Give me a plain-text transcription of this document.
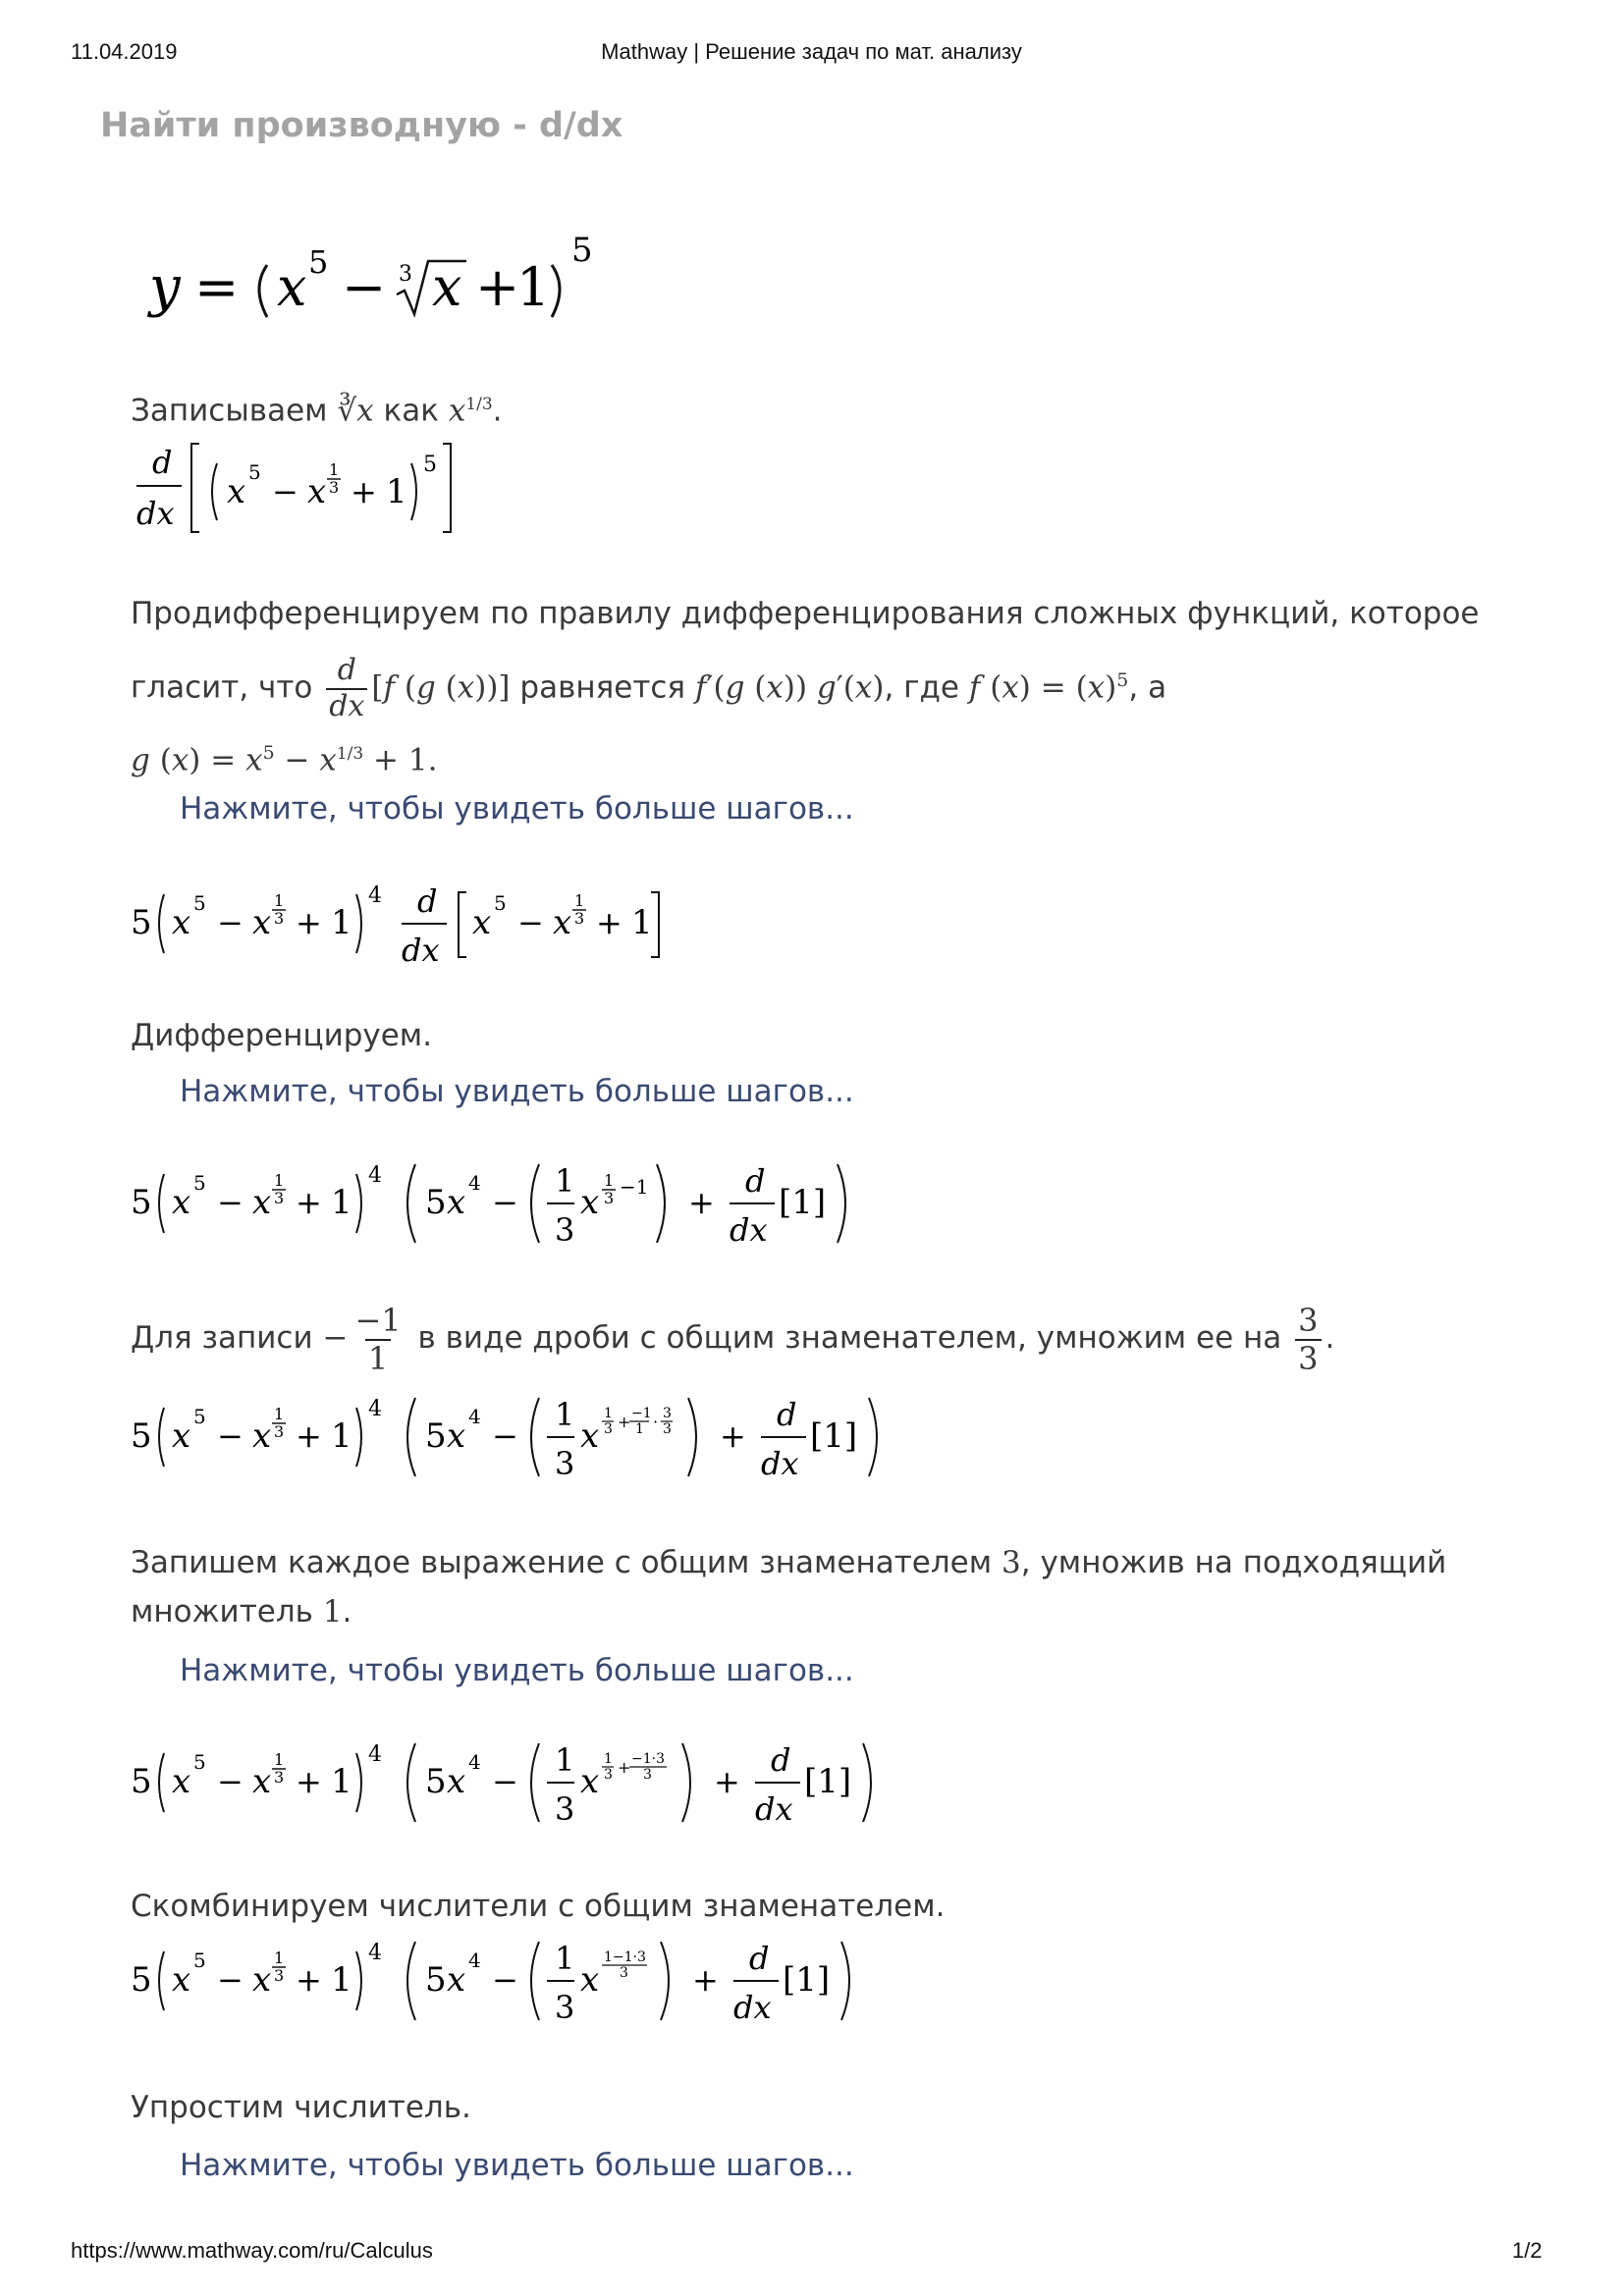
11.04.2019	Mathway | Решение задач по мат. анализу
Найти производную - d/dx
y = x 5 − 3 x +
1
5
Записываем ∛x как $x^{1/3}$.
d
dx
x 5
− x
1
3 + 1
5
Продифференцируем по правилу дифференцирования сложных функций, которое
гласит, что $\frac{d}{dx} [f$ (g (x))] равняется f′(g (x)) g′(x), где f $(x) = (x)^5$, а
g $(x) = x^5 - x^{1/3} + 1$.
Нажмите, чтобы увидеть больше шагов...
5 x 5
− x
1
3 + 1
4 d
dx
x 5
− x
1
3 + 1
Дифференцируем.
Нажмите, чтобы увидеть больше шагов...
5 x 5
− x
1
3 + 1
4
5 x 4
−
1
3
x
1
3 −1 +
d
dx
[1]
Для записи − $\frac{-1}{1}$ в виде дроби с общим знаменателем, умножим ее на $\frac{3}{3}$ .
5 x 5
− x
1
3 + 1
4
5 x 4
−
1
3
x
1
3 + −1
1 · 3
3 +
d
dx
[1]
Запишем каждое выражение с общим знаменателем 3, умножив на подходящий
множитель 1.
Нажмите, чтобы увидеть больше шагов...
5 x 5
− x
1
3 + 1
4
5 x 4
−
1
3
x
1
3 + −1·3
3 +
d
dx
[1]
Скомбинируем числители с общим знаменателем.
5 x 5
− x
1
3 + 1
4
5 x 4
−
1
3
x
1−1·3
3 +
d
dx
[1]
Упростим числитель.
Нажмите, чтобы увидеть больше шагов...
https://www.mathway.com/ru/Calculus	1/2
